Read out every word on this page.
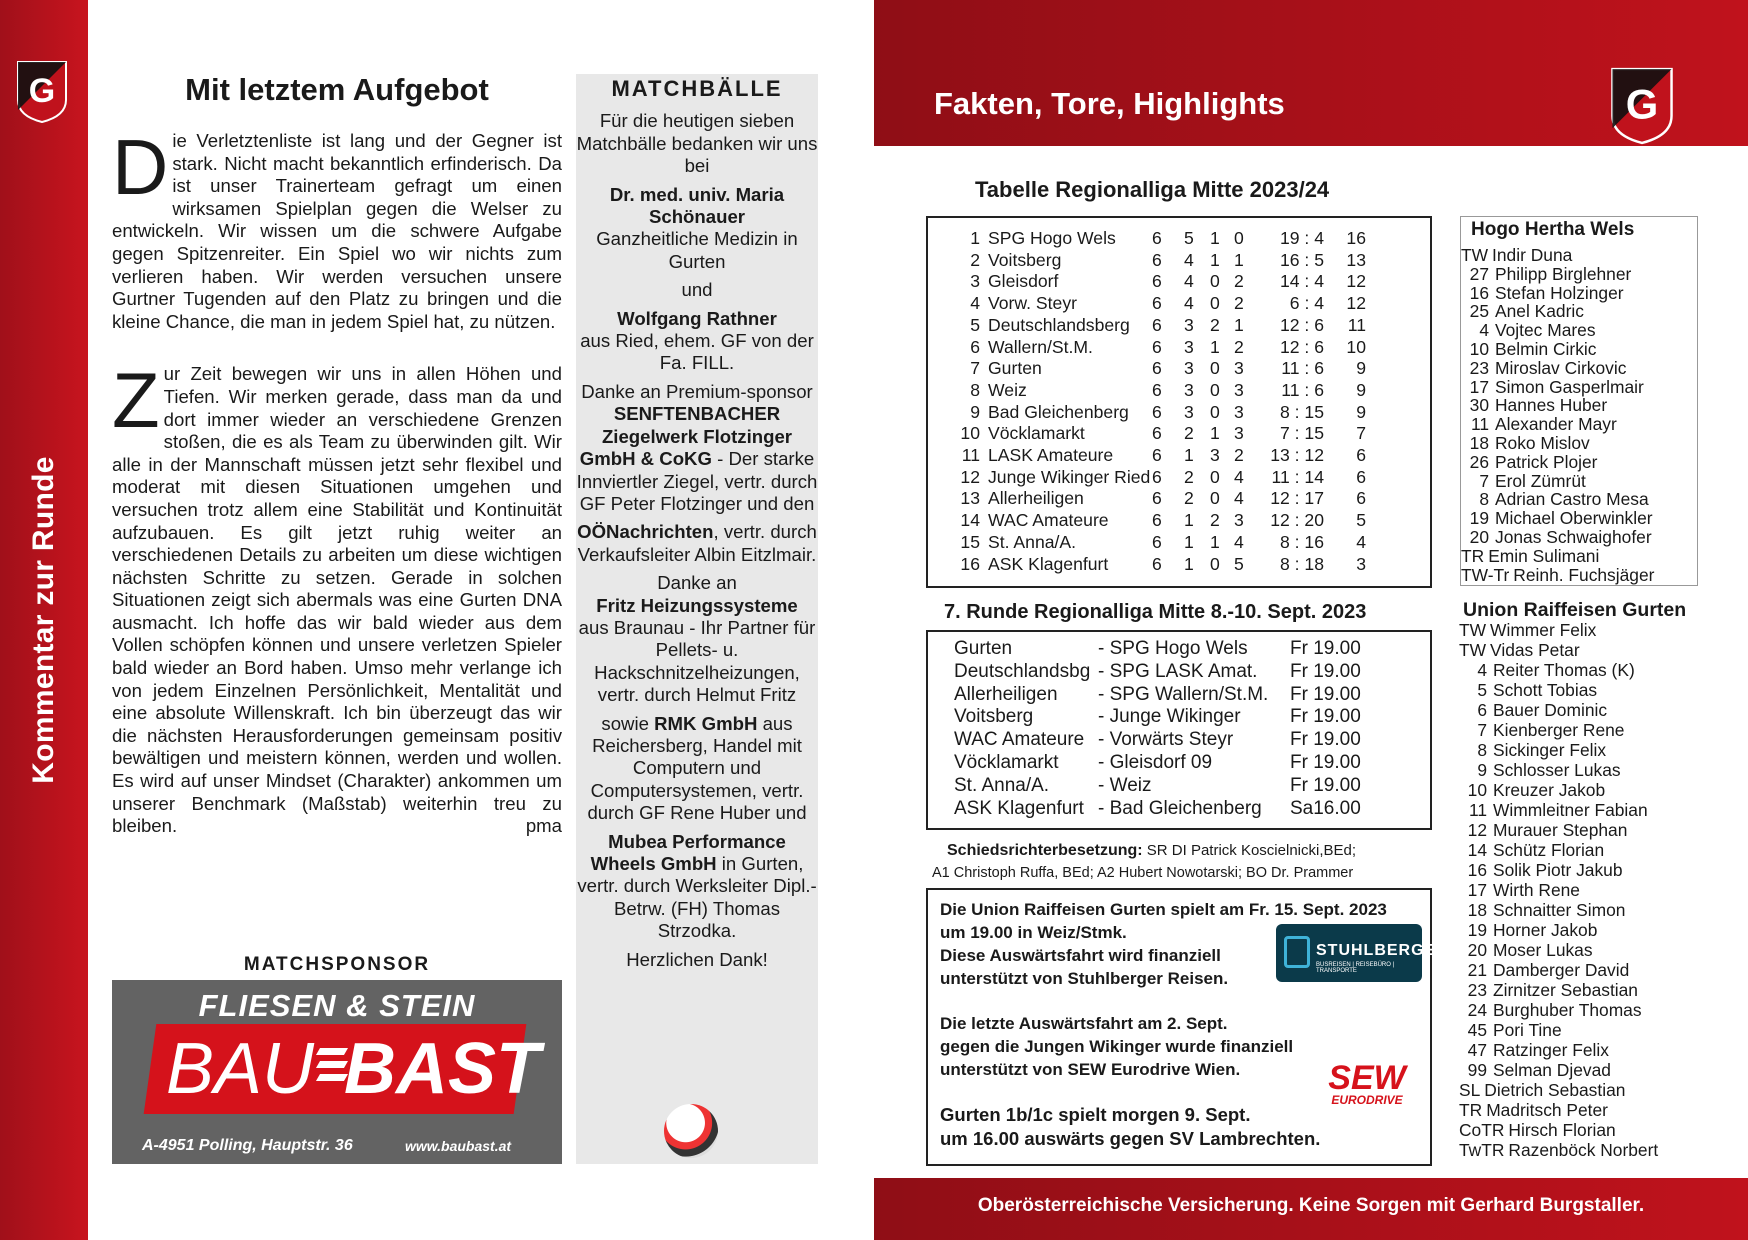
Kommentar zur Runde
G	Mit letztem Aufgebot

Die Verletztenliste ist lang und der Gegner ist stark. Nicht macht bekanntlich erfinderisch. Da ist unser Trainerteam gefragt um einen wirksamen Spielplan gegen die Welser zu entwickeln. Wir wissen um die schwere Aufgabe gegen Spitzenreiter. Ein Spiel wo wir nichts zum verlieren haben. Wir werden versuchen unsere Gurtner Tugenden auf den Platz zu bringen und die kleine Chance, die man in jedem Spiel hat, zu nützen.

Zur Zeit bewegen wir uns in allen Höhen und Tiefen. Wir merken gerade, dass man da und dort immer wieder an verschiedene Grenzen stoßen, die es als Team zu überwinden gilt. Wir alle in der Mannschaft müssen jetzt sehr flexibel und moderat mit diesen Situationen umgehen und versuchen trotz allem eine Stabilität und Kontinuität aufzubauen. Es gilt jetzt ruhig weiter an verschiedenen Details zu arbeiten um diese wichtigen nächsten Schritte zu setzen. Gerade in solchen Situationen zeigt sich abermals was eine Gurten DNA ausmacht. Ich hoffe das wir bald wieder aus dem Vollen schöpfen können und unsere verletzen Spieler bald wieder an Bord haben. Umso mehr verlange ich von jedem Einzelnen Persönlichkeit, Mentalität und eine absolute Willenskraft. Ich bin überzeugt das wir die nächsten Herausforderungen gemeinsam positiv bewältigen und meistern können, werden und wollen. Es wird auf unser Mindset (Charakter) ankommen um unserer Benchmark (Maßstab) weiterhin treu zu bleiben.	pma

MATCHSPONSOR
FLIESEN & STEIN
BAU BAST
A-4951 Polling, Hauptstr. 36	www.baubast.at
MATCHBÄLLE

Für die heutigen sieben Matchbälle bedanken wir uns bei

Dr. med. univ. Maria Schönauer
Ganzheitliche Medizin in Gurten

und

Wolfgang Rathner
aus Ried, ehem. GF von der Fa. FILL.

Danke an Premium-sponsor SENFTENBACHER Ziegelwerk Flotzinger GmbH & CoKG - Der starke Innviertler Ziegel, vertr. durch GF Peter Flotzinger und den

OÖNachrichten, vertr. durch Verkaufsleiter Albin Eitzlmair.

Danke an
Fritz Heizungssysteme
aus Braunau - Ihr Partner für Pellets- u. Hackschnitzelheizungen, vertr. durch Helmut Fritz

sowie RMK GmbH aus Reichersberg, Handel mit Computern und Computersystemen, vertr. durch GF Rene Huber und

Mubea Performance Wheels GmbH in Gurten, vertr. durch Werksleiter Dipl.-Betrw. (FH) Thomas Strzodka.

Herzlichen Dank!

Fakten, Tore, Highlights	G
Tabelle Regionalliga Mitte 2023/24
1 SPG Hogo Wels 6 5 1 0 19 : 4 16
2 Voitsberg	6 4 1 1 16 : 5 13
3 Gleisdorf	6 4 0 2 14 : 4 12
4 Vorw. Steyr	6 4 0 2	6 : 4 12
5 Deutschlandsberg 6 3 2 1 12 : 6 11
6 Wallern/St.M.	6 3 1 2 12 : 6 10
7 Gurten	6 3 0 3 11 : 6 9
8 Weiz	6 3 0 3 11 : 6 9
9 Bad Gleichenberg 6 3 0 3 8 : 15 9
10 Vöcklamarkt	6 2 1 3 7 : 15 7
11 LASK Amateure 6 1 3 2 13 : 12 6
12 Junge Wikinger Ried 6 2 0 4 11 : 14 6
13 Allerheiligen	6 2 0 4 12 : 17 6
14 WAC Amateure 6 1 2 3 12 : 20 5
15 St. Anna/A.	6 1 1 4 8 : 16 4
16 ASK Klagenfurt 6 1 0 5 8 : 18 3
7. Runde Regionalliga Mitte 8.-10. Sept. 2023
Gurten	- SPG Hogo Wels Fr 19.00
Deutschlandsbg - SPG LASK Amat. Fr 19.00
Allerheiligen - SPG Wallern/St.M. Fr 19.00
Voitsberg	- Junge Wikinger	Fr 19.00
WAC Amateure - Vorwärts Steyr	Fr 19.00
Vöcklamarkt - Gleisdorf 09	Fr 19.00
St. Anna/A.	- Weiz	Fr 19.00
ASK Klagenfurt - Bad Gleichenberg Sa16.00
Schiedsrichterbesetzung: SR DI Patrick Koscielnicki,BEd;
A1 Christoph Ruffa, BEd; A2 Hubert Nowotarski; BO Dr. Prammer
Die Union Raiffeisen Gurten spielt am Fr. 15. Sept. 2023
um 19.00 in Weiz/Stmk.
Diese Auswärtsfahrt wird finanziell
unterstützt von Stuhlberger Reisen.
Die letzte Auswärtsfahrt am 2. Sept.
gegen die Jungen Wikinger wurde finanziell
unterstützt von SEW Eurodrive Wien.
Gurten 1b/1c spielt morgen 9. Sept.
um 16.00 auswärts gegen SV Lambrechten.
STUHLBERGER
BUSREISEN | REISEBÜRO | TRANSPORTE
SEW
EURODRIVE
Hogo Hertha Wels
TW Indir Duna
27 Philipp Birglehner
16 Stefan Holzinger
25 Anel Kadric
4 Vojtec Mares
10 Belmin Cirkic
23 Miroslav Cirkovic
17 Simon Gasperlmair
30 Hannes Huber
11 Alexander Mayr
18 Roko Mislov
26 Patrick Plojer
7 Erol Zümrüt
8 Adrian Castro Mesa
19 Michael Oberwinkler
20 Jonas Schwaighofer
TR Emin Sulimani
TW-Tr Reinh. Fuchsjäger
Union Raiffeisen Gurten
TW Wimmer Felix
TW Vidas Petar
4 Reiter Thomas (K)
5 Schott Tobias
6 Bauer Dominic
7 Kienberger Rene
8 Sickinger Felix
9 Schlosser Lukas
10 Kreuzer Jakob
11 Wimmleitner Fabian
12 Murauer Stephan
14 Schütz Florian
16 Solik Piotr Jakub
17 Wirth Rene
18 Schnaitter Simon
19 Horner Jakob
20 Moser Lukas
21 Damberger David
23 Zirnitzer Sebastian
24 Burghuber Thomas
45 Pori Tine
47 Ratzinger Felix
99 Selman Djevad
SL Dietrich Sebastian
TR Madritsch Peter
CoTR Hirsch Florian
TwTR Razenböck Norbert
Oberösterreichische Versicherung. Keine Sorgen mit Gerhard Burgstaller.
